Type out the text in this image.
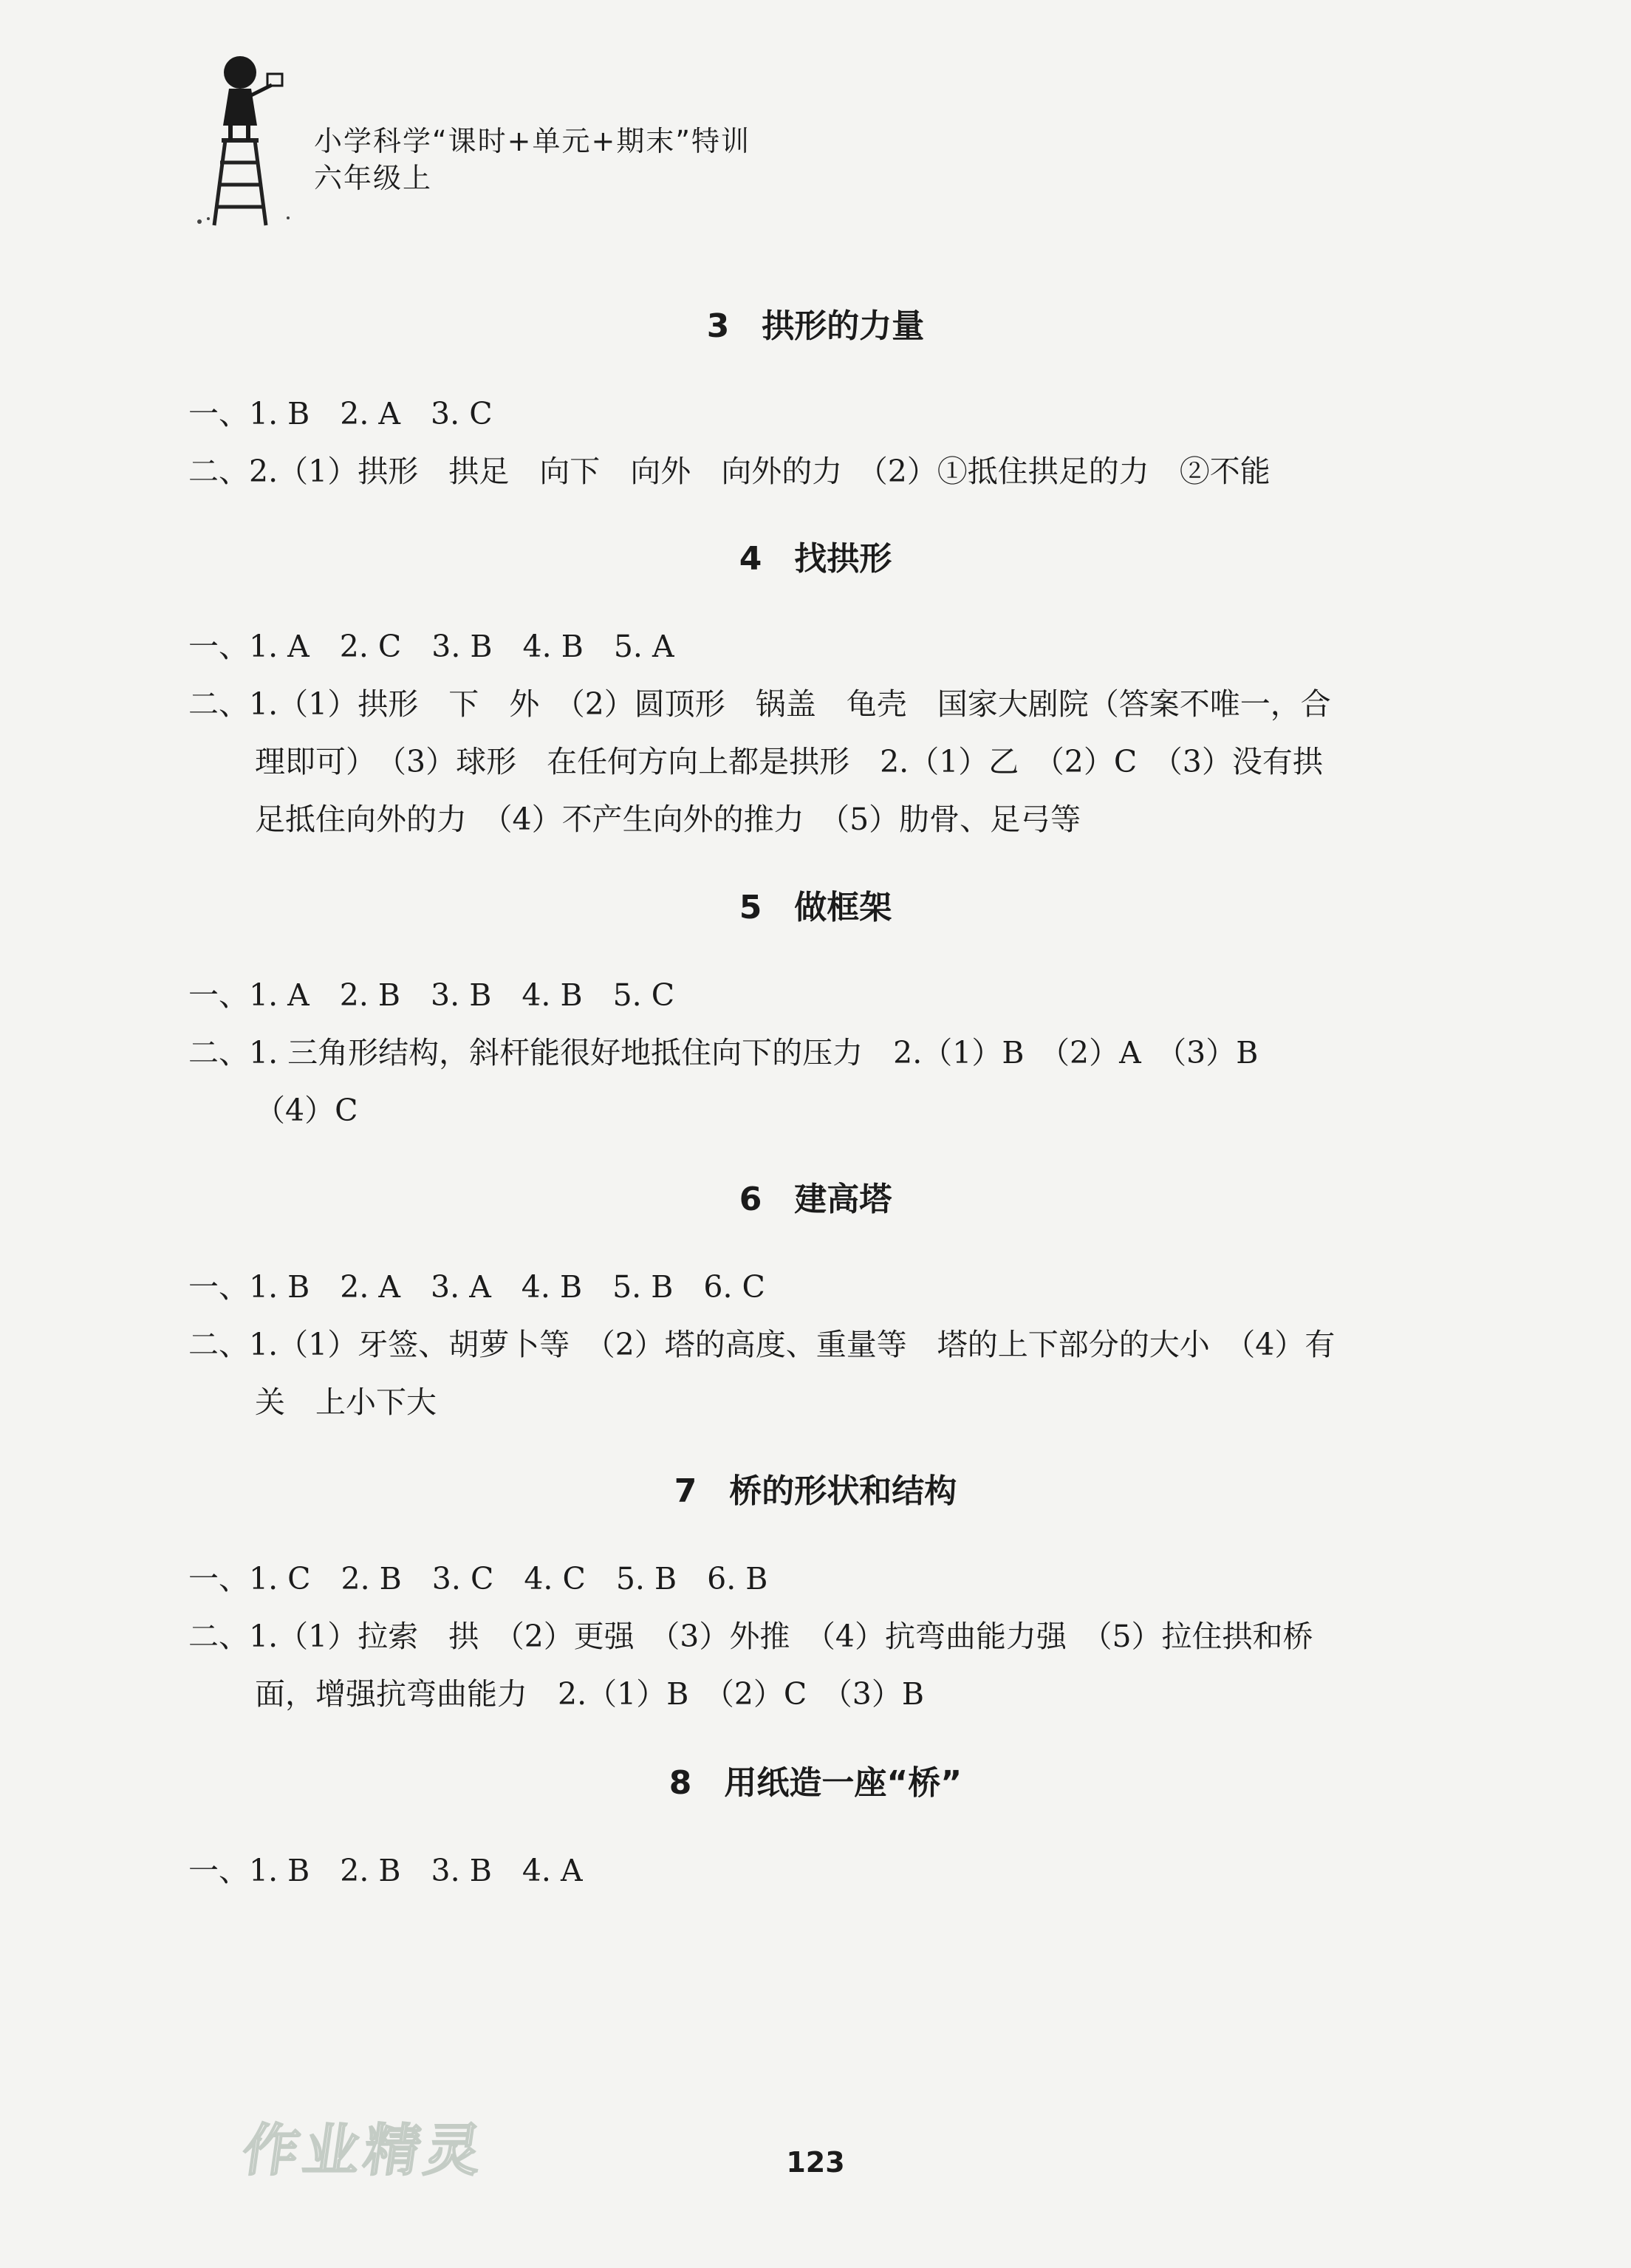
小学科学“课时+单元+期末”特训
六年级上
3　拱形的力量
一、1. B　2. A　3. C
二、2.（1）拱形　拱足　向下　向外　向外的力　（2）①抵住拱足的力　②不能
4　找拱形
一、1. A　2. C　3. B　4. B　5. A
二、1.（1）拱形　下　外　（2）圆顶形　锅盖　龟壳　国家大剧院（答案不唯一，合
理即可）　（3）球形　在任何方向上都是拱形　2.（1）乙　（2）C　（3）没有拱
足抵住向外的力　（4）不产生向外的推力　（5）肋骨、足弓等
5　做框架
一、1. A　2. B　3. B　4. B　5. C
二、1. 三角形结构，斜杆能很好地抵住向下的压力　2.（1）B　（2）A　（3）B
（4）C
6　建高塔
一、1. B　2. A　3. A　4. B　5. B　6. C
二、1.（1）牙签、胡萝卜等　（2）塔的高度、重量等　塔的上下部分的大小　（4）有
关　上小下大
7　桥的形状和结构
一、1. C　2. B　3. C　4. C　5. B　6. B
二、1.（1）拉索　拱　（2）更强　（3）外推　（4）抗弯曲能力强　（5）拉住拱和桥
面，增强抗弯曲能力　2.（1）B　（2）C　（3）B
8　用纸造一座“桥”
一、1. B　2. B　3. B　4. A
作业精灵	123
